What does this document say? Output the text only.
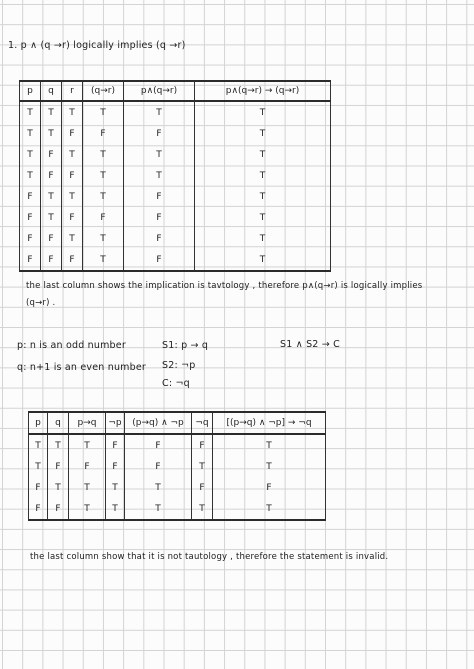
1. p ∧ (q →r) logically implies (q →r)
p	q	r	(q→r)	p∧(q→r)	p∧(q→r) → (q→r)
T	T	T	T	T	T
T	T	F	F	F	T
T	F	T	T	T	T
T	F	F	T	T	T
F	T	T	T	F	T
F	T	F	F	F	T
F	F	T	T	F	T
F	F	F	T	F	T
the last column shows the implication is tavtology , therefore p∧(q→r) is logically implies
(q→r) .
p: n is an odd number
q: n+1 is an even number
S1: p → q
S2: ¬p
C: ¬q
S1 ∧ S2 → C
p	q	p→q	¬p	(p→q) ∧ ¬p	¬q	[(p→q) ∧ ¬p] → ¬q
T	T	T	F	F	F	T
T	F	F	F	F	T	T
F	T	T	T	T	F	F
F	F	T	T	T	T	T
the last column show that it is not tautology , therefore the statement is invalid.
